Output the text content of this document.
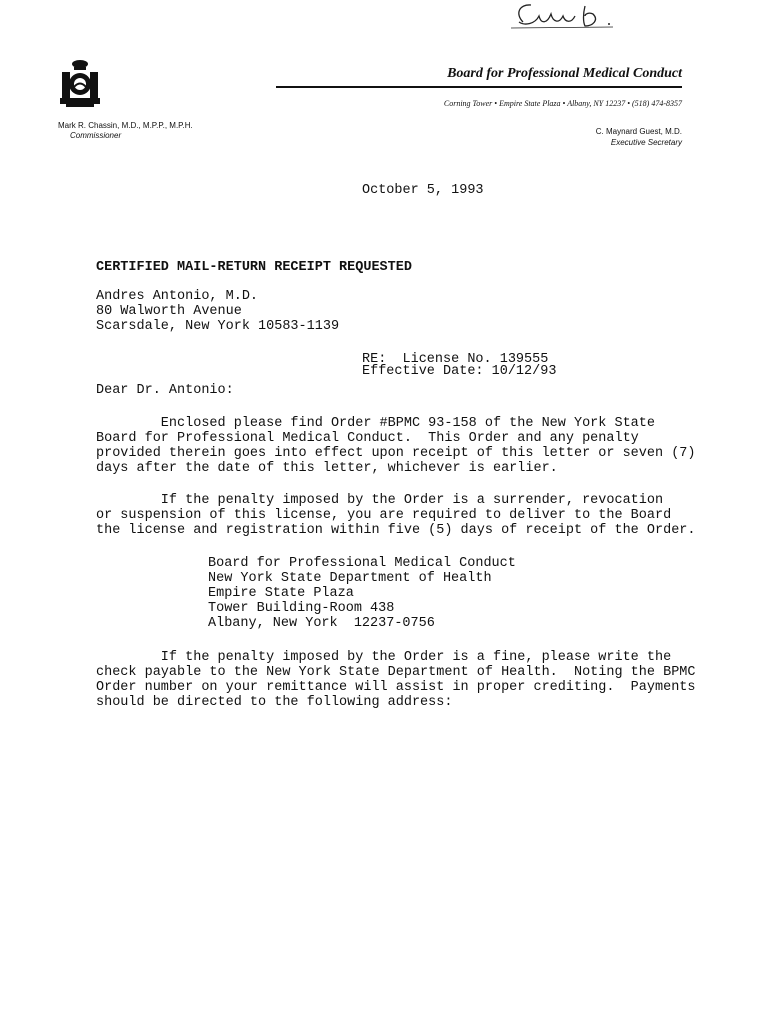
Board for Professional Medical Conduct
Corning Tower • Empire State Plaza • Albany, NY 12237 • (518) 474-8357
Mark R. Chassin, M.D., M.P.P., M.P.H.
Commissioner	C. Maynard Guest, M.D.
Executive Secretary
October 5, 1993
CERTIFIED MAIL-RETURN RECEIPT REQUESTED

Andres Antonio, M.D.

80 Walworth Avenue

Scarsdale, New York 10583-1139

RE:  License No. 139555

Effective Date: 10/12/93

Dear Dr. Antonio:

Enclosed please find Order #BPMC 93-158 of the New York State

Board for Professional Medical Conduct.  This Order and any penalty

provided therein goes into effect upon receipt of this letter or seven (7)

days after the date of this letter, whichever is earlier.

If the penalty imposed by the Order is a surrender, revocation

or suspension of this license, you are required to deliver to the Board

the license and registration within five (5) days of receipt of the Order.

Board for Professional Medical Conduct

New York State Department of Health

Empire State Plaza

Tower Building-Room 438

Albany, New York  12237-0756

If the penalty imposed by the Order is a fine, please write the

check payable to the New York State Department of Health.  Noting the BPMC

Order number on your remittance will assist in proper crediting.  Payments

should be directed to the following address:
